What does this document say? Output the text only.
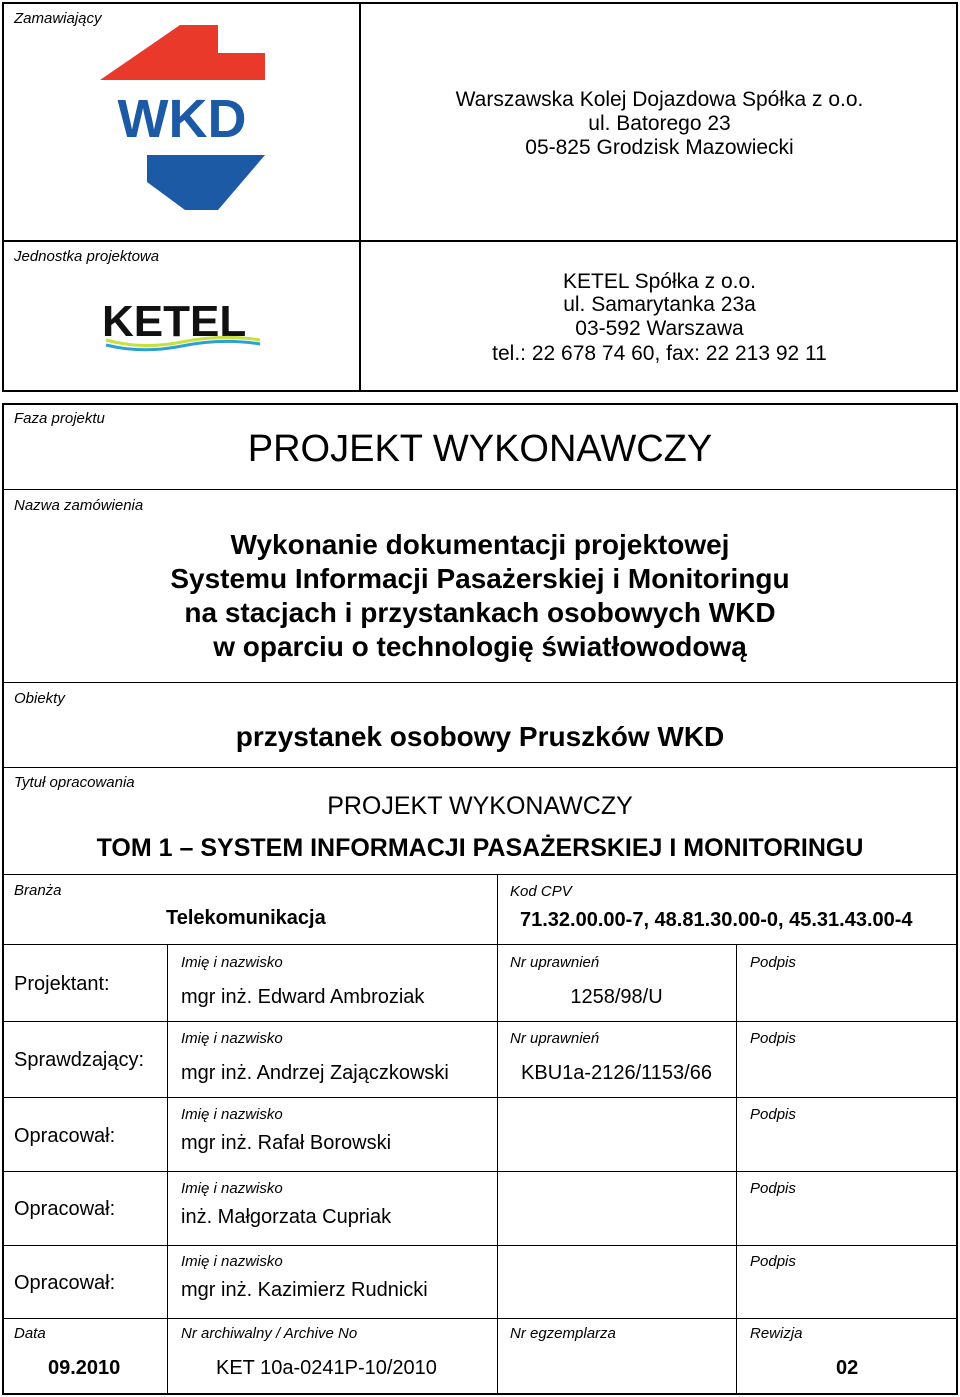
Zamawiający
WKD	Warszawska Kolej Dojazdowa Spółka z o.o.
ul. Batorego 23
05-825 Grodzisk Mazowiecki
Jednostka projektowa
KETEL
KETEL Spółka z o.o.
ul. Samarytanka 23a
03-592 Warszawa
tel.: 22 678 74 60, fax: 22 213 92 11
Faza projektu
PROJEKT WYKONAWCZY
Nazwa zamówienia
Wykonanie dokumentacji projektowej
Systemu Informacji Pasażerskiej i Monitoringu
na stacjach i przystankach osobowych WKD
w oparciu o technologię światłowodową
Obiekty
przystanek osobowy Pruszków WKD
Tytuł opracowania
PROJEKT WYKONAWCZY
TOM 1 – SYSTEM INFORMACJI PASAŻERSKIEJ I MONITORINGU
Branża
Telekomunikacja
Kod CPV
71.32.00.00-7, 48.81.30.00-0, 45.31.43.00-4
Projektant:
Imię i nazwisko
mgr inż. Edward Ambroziak
Nr uprawnień
1258/98/U
Podpis
Sprawdzający:
Imię i nazwisko
mgr inż. Andrzej Zajączkowski
Nr uprawnień
KBU1a-2126/1153/66
Podpis
Opracował:
Imię i nazwisko
mgr inż. Rafał Borowski
Podpis
Opracował:
Imię i nazwisko
inż. Małgorzata Cupriak
Podpis
Opracował:
Imię i nazwisko
mgr inż. Kazimierz Rudnicki
Podpis
Data
09.2010
Nr archiwalny / Archive No
KET 10a-0241P-10/2010
Nr egzemplarza	Rewizja
02
